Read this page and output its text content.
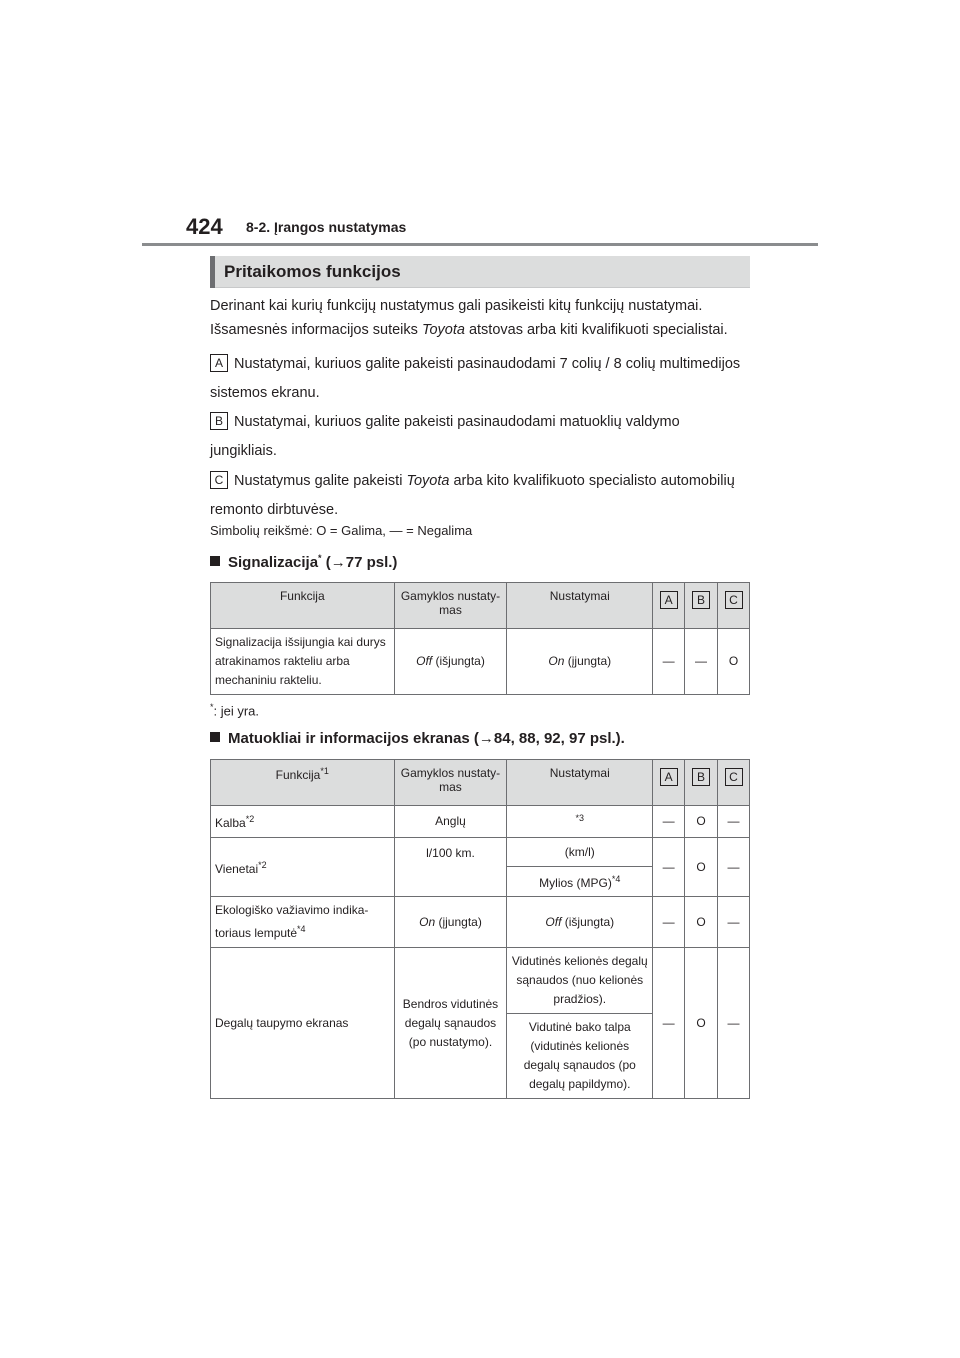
424 8-2. Įrangos nustatymas
Pritaikomos funkcijos
Derinant kai kurių funkcijų nustatymus gali pasikeisti kitų funkcijų nustatymai.
Išsamesnės informacijos suteiks Toyota atstovas arba kiti kvalifikuoti specialistai.
A Nustatymai, kuriuos galite pakeisti pasinaudodami 7 colių / 8 colių multimedijos sistemos ekranu.
B Nustatymai, kuriuos galite pakeisti pasinaudodami matuoklių valdymo jungikliais.
C Nustatymus galite pakeisti Toyota arba kito kvalifikuoto specialisto automobilių remonto dirbtuvėse.
Simbolių reikšmė: O = Galima, — = Negalima
Signalizacija* (→77 psl.)
Funkcija	Gamyklos nustaty-mas	Nustatymai	A	B	C
Signalizacija išsijungia kai durys atrakinamos rakteliu arba mechaniniu rakteliu.	Off (išjungta)	On (įjungta)	—	—	O
*: jei yra.
Matuokliai ir informacijos ekranas (→84, 88, 92, 97 psl.).
Funkcija$^{*1}$	Gamyklos nustaty-mas	Nustatymai	A	B	C
Kalba$^{*2}$	Anglų	$^{*3}$	—	O	—
Vienetai$^{*2}$	l/100 km.	(km/l)	—	O	—
		Mylios (MPG)$^{*4}$
Ekologiško važiavimo indika-toriaus lemputė$^{*4}$	On (įjungta)	Off (išjungta)	—	O	—
Degalų taupymo ekranas	Bendros vidutinės degalų sąnaudos (po nustatymo).	Vidutinės kelionės degalų sąnaudos (nuo kelionės pradžios).	—	O	—
		Vidutinė bako talpa (vidutinės kelionės degalų sąnaudos (po degalų papildymo).			
